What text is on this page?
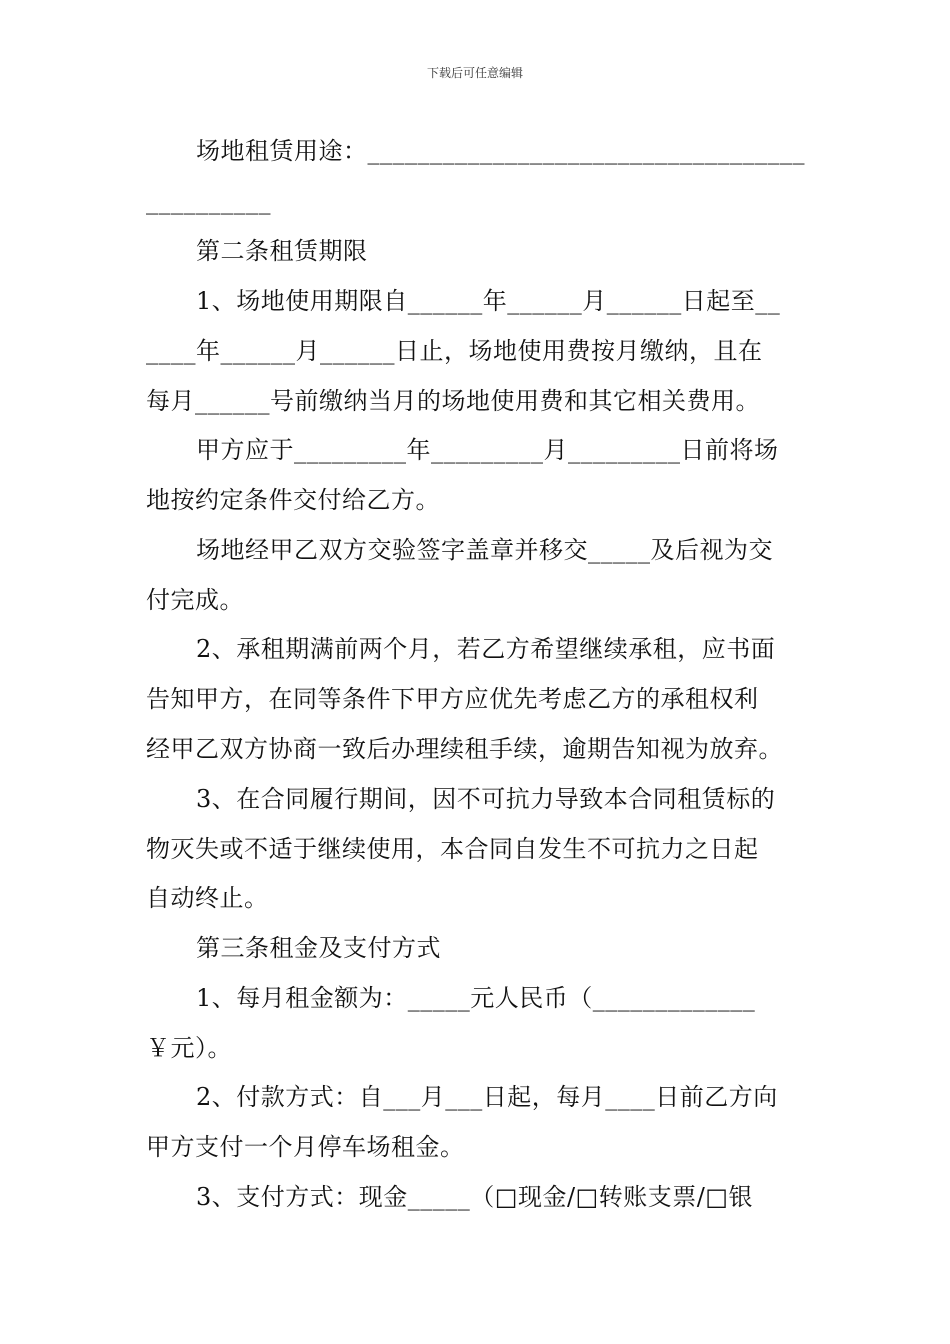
下载后可任意编辑
场地租赁用途：___________________________________
__________
第二条租赁期限
1、场地使用期限自______年______月______日起至__
____年______月______日止，场地使用费按月缴纳，且在
每月______号前缴纳当月的场地使用费和其它相关费用。
甲方应于_________年_________月_________日前将场
地按约定条件交付给乙方。
场地经甲乙双方交验签字盖章并移交_____及后视为交
付完成。
2、承租期满前两个月，若乙方希望继续承租，应书面
告知甲方，在同等条件下甲方应优先考虑乙方的承租权利
经甲乙双方协商一致后办理续租手续，逾期告知视为放弃。
3、在合同履行期间，因不可抗力导致本合同租赁标的
物灭失或不适于继续使用，本合同自发生不可抗力之日起
自动终止。
第三条租金及支付方式
1、每月租金额为：_____元人民币（_____________
￥元）。
2、付款方式：自___月___日起，每月____日前乙方向
甲方支付一个月停车场租金。
3、支付方式：现金_____（□现金/□转账支票/□银
